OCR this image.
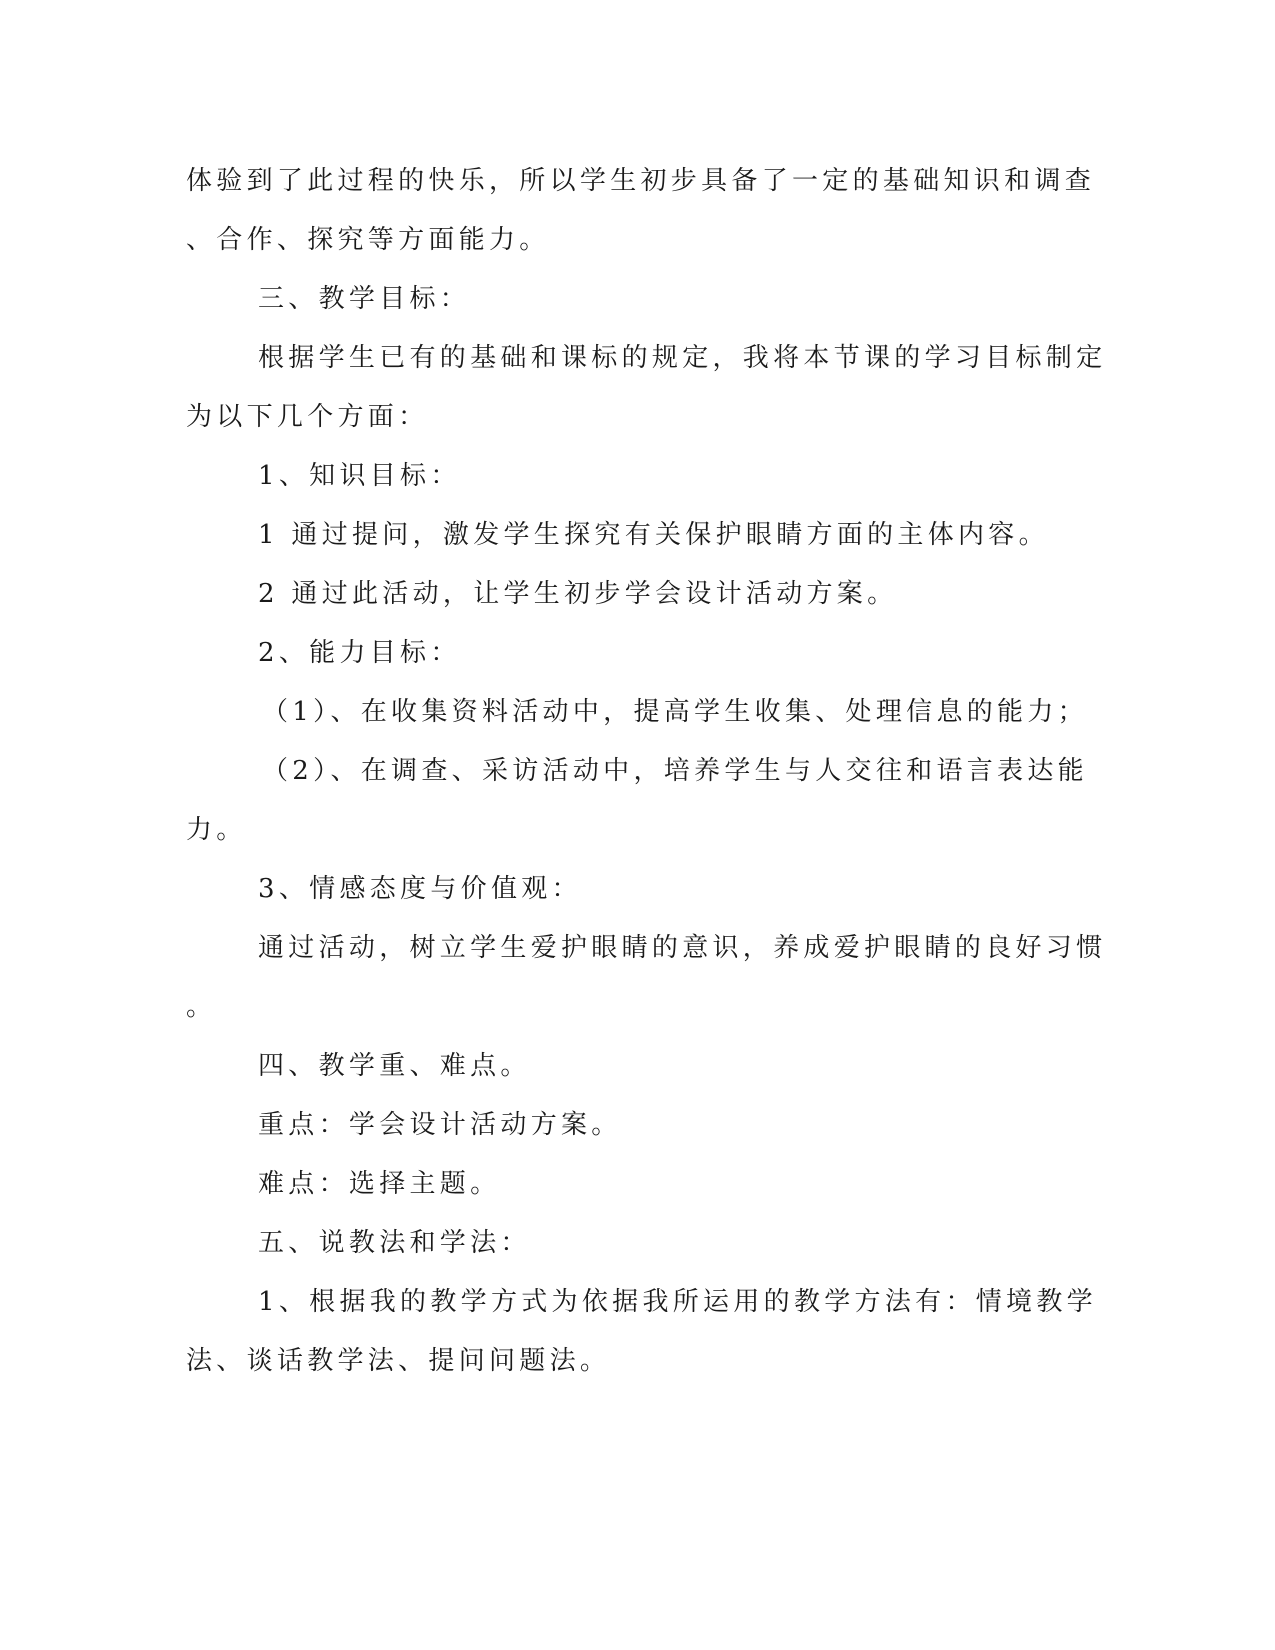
体验到了此过程的快乐，所以学生初步具备了一定的基础知识和调查
、合作、探究等方面能力。
三、教学目标：
根据学生已有的基础和课标的规定，我将本节课的学习目标制定
为以下几个方面：
1、知识目标：
1 通过提问，激发学生探究有关保护眼睛方面的主体内容。
2 通过此活动，让学生初步学会设计活动方案。
2、能力目标：
（1）、在收集资料活动中，提高学生收集、处理信息的能力；
（2）、在调查、采访活动中，培养学生与人交往和语言表达能
力。
3、情感态度与价值观：
通过活动，树立学生爱护眼睛的意识，养成爱护眼睛的良好习惯
。
四、教学重、难点。
重点：学会设计活动方案。
难点：选择主题。
五、说教法和学法：
1、根据我的教学方式为依据我所运用的教学方法有：情境教学
法、谈话教学法、提问问题法。
